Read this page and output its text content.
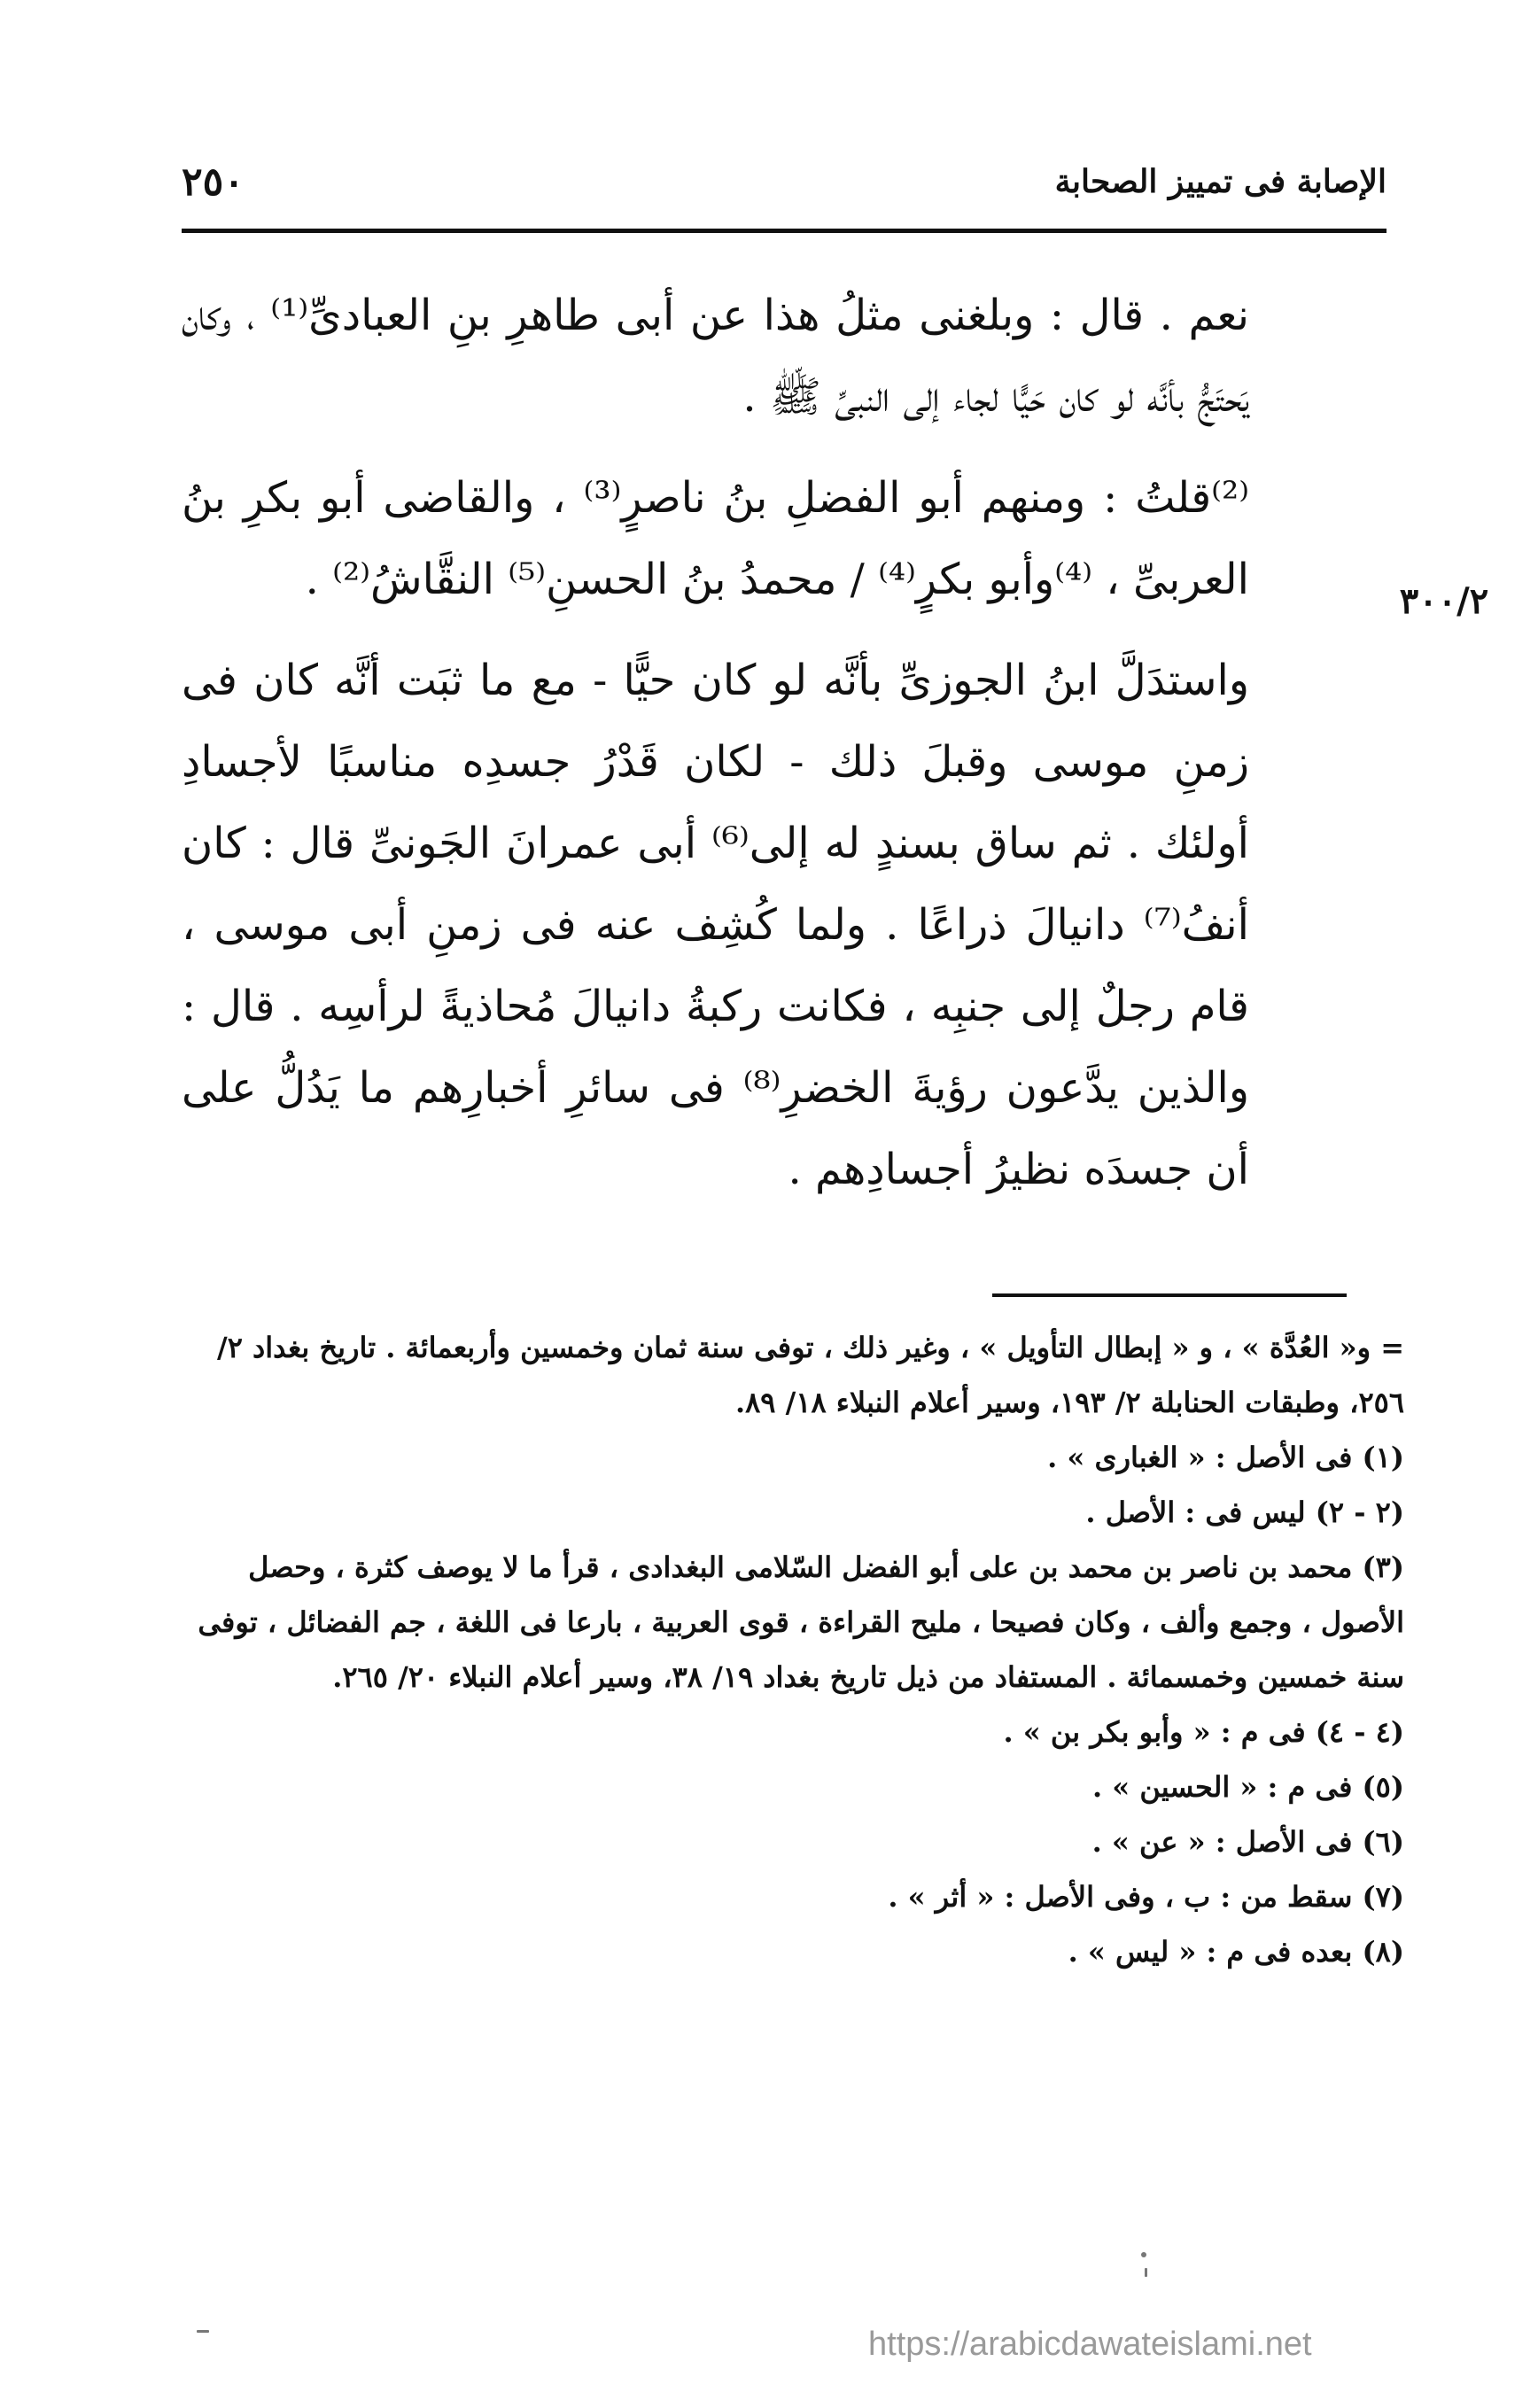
الإصابة فى تمييز الصحابة
٢٥٠
٣٠٠/٢

نعم . قال : وبلغنى مثلُ هذا عن أبى طاهرِ بنِ العبادىِّ⁽¹⁾ ، وكان يَحتَجُّ بأنَّه لو كان حَيًّا لجاء إلى النبىِّ ﷺ .

⁽²⁾قلتُ : ومنهم أبو الفضلِ بنُ ناصرٍ⁽³⁾ ، والقاضى أبو بكرِ بنُ العربىِّ ، ⁽⁴⁾وأبو بكرٍ⁽⁴⁾ / محمدُ بنُ الحسنِ⁽⁵⁾ النقَّاشُ⁽²⁾ .

واستدَلَّ ابنُ الجوزىِّ بأنَّه لو كان حيًّا - مع ما ثبَت أنَّه كان فى زمنِ موسى وقبلَ ذلك - لكان قَدْرُ جسدِه مناسبًا لأجسادِ أولئك . ثم ساق بسندٍ له إلى⁽⁶⁾ أبى عمرانَ الجَونىِّ قال : كان أنفُ⁽⁷⁾ دانيالَ ذراعًا . ولما كُشِف عنه فى زمنِ أبى موسى ، قام رجلٌ إلى جنبِه ، فكانت ركبةُ دانيالَ مُحاذيةً لرأسِه . قال : والذين يدَّعون رؤيةَ الخضرِ⁽⁸⁾ فى سائرِ أخبارِهم ما يَدُلُّ على أن جسدَه نظيرُ أجسادِهم .

= و« العُدَّة » ، و « إبطال التأويل » ، وغير ذلك ، توفى سنة ثمان وخمسين وأربعمائة . تاريخ بغداد ٢/ ٢٥٦، وطبقات الحنابلة ٢/ ١٩٣، وسير أعلام النبلاء ١٨/ ٨٩.

(١) فى الأصل : « الغبارى » .

(٢ - ٢) ليس فى : الأصل .

(٣) محمد بن ناصر بن محمد بن على أبو الفضل السّلامى البغدادى ، قرأ ما لا يوصف كثرة ، وحصل الأصول ، وجمع وألف ، وكان فصيحا ، مليح القراءة ، قوى العربية ، بارعا فى اللغة ، جم الفضائل ، توفى سنة خمسين وخمسمائة . المستفاد من ذيل تاريخ بغداد ١٩/ ٣٨، وسير أعلام النبلاء ٢٠/ ٢٦٥.

(٤ - ٤) فى م : « وأبو بكر بن » .

(٥) فى م : « الحسين » .

(٦) فى الأصل : « عن » .

(٧) سقط من : ب ، وفى الأصل : « أثر » .

(٨) بعده فى م : « ليس » .

https://arabicdawateislami.net
